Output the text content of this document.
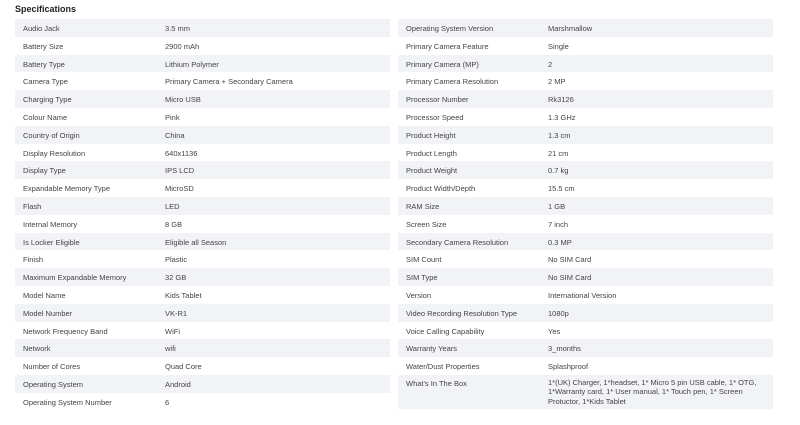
Specifications
Audio Jack	3.5 mm
Battery Size	2900 mAh
Battery Type	Lithium Polymer
Camera Type	Primary Camera + Secondary Camera
Charging Type	Micro USB
Colour Name	Pink
Country of Origin	China
Display Resolution	640x1136
Display Type	IPS LCD
Expandable Memory Type	MicroSD
Flash	LED
Internal Memory	8 GB
Is Locker Eligible	Eligible all Season
Finish	Plastic
Maximum Expandable Memory	32 GB
Model Name	Kids Tablet
Model Number	VK-R1
Network Frequency Band	WiFi
Network	wifi
Number of Cores	Quad Core
Operating System	Android
Operating System Number	6
Operating System Version	Marshmallow
Primary Camera Feature	Single
Primary Camera (MP)	2
Primary Camera Resolution	2 MP
Processor Number	Rk3126
Processor Speed	1.3 GHz
Product Height	1.3 cm
Product Length	21 cm
Product Weight	0.7 kg
Product Width/Depth	15.5 cm
RAM Size	1 GB
Screen Size	7 inch
Secondary Camera Resolution	0.3 MP
SIM Count	No SIM Card
SIM Type	No SIM Card
Version	International Version
Video Recording Resolution Type	1080p
Voice Calling Capability	Yes
Warranty Years	3_months
Water/Dust Properties	Splashproof
What's In The Box	1*(UK) Charger, 1*headset, 1* Micro 5 pin USB cable, 1* OTG, 1*Warranty card, 1* User manual, 1* Touch pen, 1* Screen Protuctor, 1*Kids Tablet
